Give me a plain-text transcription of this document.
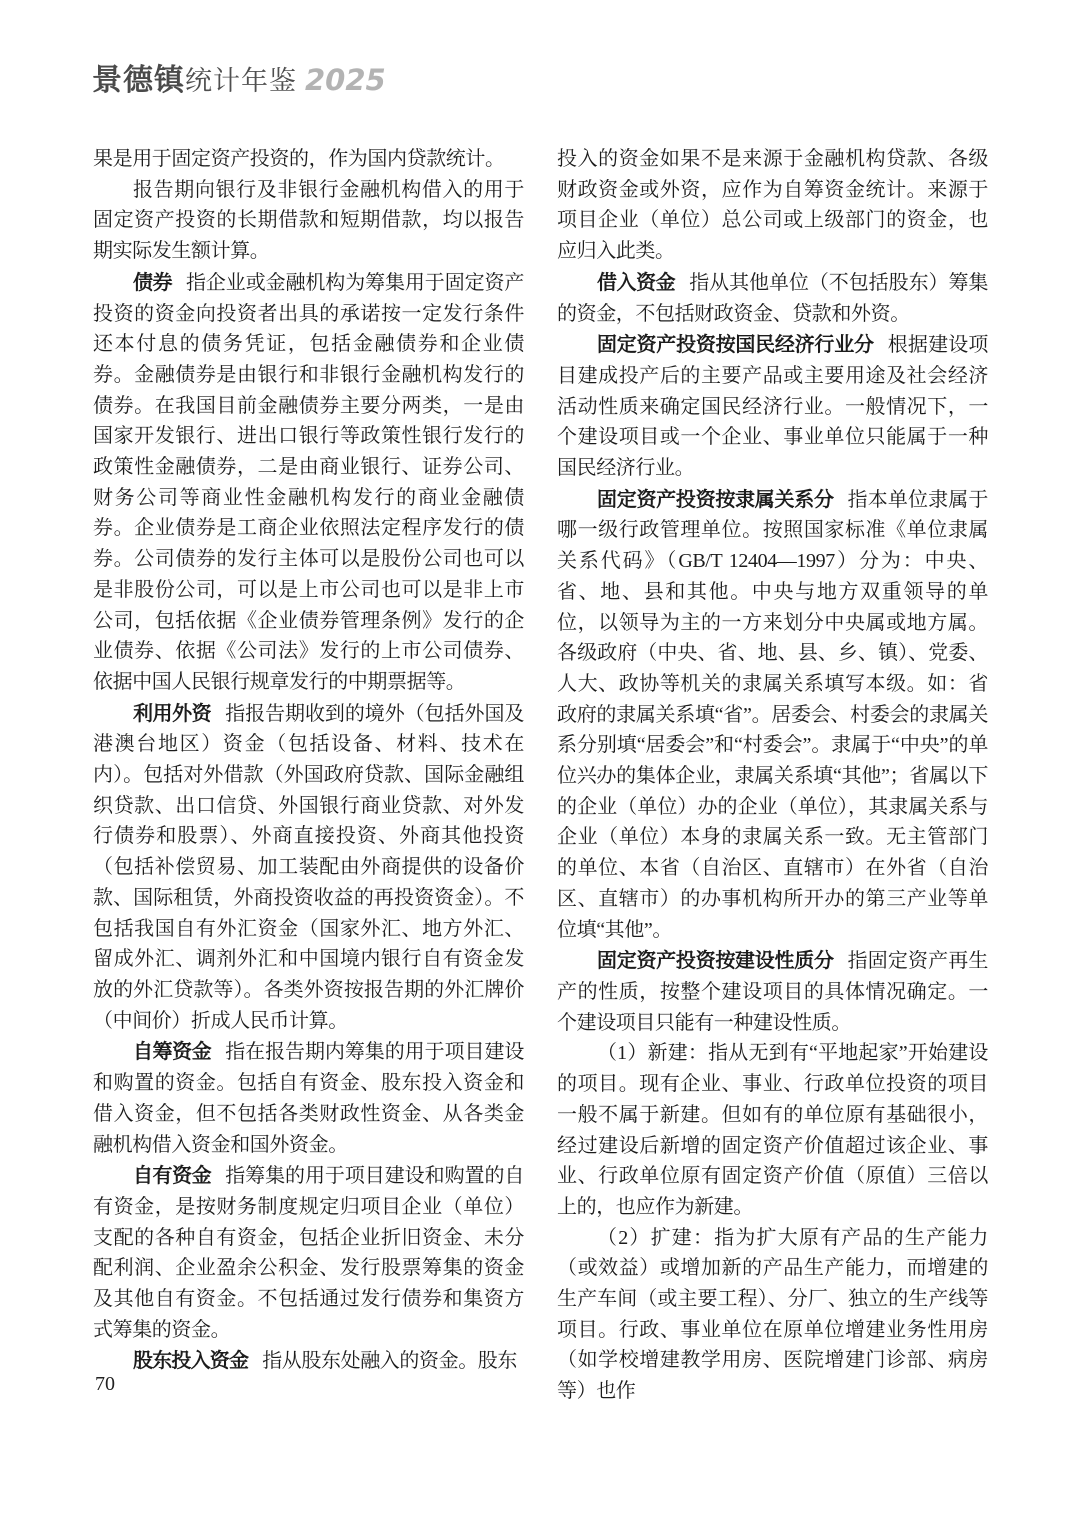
景德镇统计年鉴 2025

果是用于固定资产投资的，作为国内贷款统计。

报告期向银行及非银行金融机构借入的用于固定资产投资的长期借款和短期借款，均以报告期实际发生额计算。

债券 指企业或金融机构为筹集用于固定资产投资的资金向投资者出具的承诺按一定发行条件还本付息的债务凭证，包括金融债券和企业债券。金融债券是由银行和非银行金融机构发行的债券。在我国目前金融债券主要分两类，一是由国家开发银行、进出口银行等政策性银行发行的政策性金融债券，二是由商业银行、证券公司、财务公司等商业性金融机构发行的商业金融债券。企业债券是工商企业依照法定程序发行的债券。公司债券的发行主体可以是股份公司也可以是非股份公司，可以是上市公司也可以是非上市公司，包括依据《企业债券管理条例》发行的企业债券、依据《公司法》发行的上市公司债券、依据中国人民银行规章发行的中期票据等。

利用外资 指报告期收到的境外（包括外国及港澳台地区）资金（包括设备、材料、技术在内）。包括对外借款（外国政府贷款、国际金融组织贷款、出口信贷、外国银行商业贷款、对外发行债券和股票）、外商直接投资、外商其他投资（包括补偿贸易、加工装配由外商提供的设备价款、国际租赁，外商投资收益的再投资资金）。不包括我国自有外汇资金（国家外汇、地方外汇、留成外汇、调剂外汇和中国境内银行自有资金发放的外汇贷款等）。各类外资按报告期的外汇牌价（中间价）折成人民币计算。

自筹资金 指在报告期内筹集的用于项目建设和购置的资金。包括自有资金、股东投入资金和借入资金，但不包括各类财政性资金、从各类金融机构借入资金和国外资金。

自有资金 指筹集的用于项目建设和购置的自有资金，是按财务制度规定归项目企业（单位）支配的各种自有资金，包括企业折旧资金、未分配利润、企业盈余公积金、发行股票筹集的资金及其他自有资金。不包括通过发行债券和集资方式筹集的资金。

股东投入资金 指从股东处融入的资金。股东

投入的资金如果不是来源于金融机构贷款、各级财政资金或外资，应作为自筹资金统计。来源于项目企业（单位）总公司或上级部门的资金，也应归入此类。

借入资金 指从其他单位（不包括股东）筹集的资金，不包括财政资金、贷款和外资。

固定资产投资按国民经济行业分 根据建设项目建成投产后的主要产品或主要用途及社会经济活动性质来确定国民经济行业。一般情况下，一个建设项目或一个企业、事业单位只能属于一种国民经济行业。

固定资产投资按隶属关系分 指本单位隶属于哪一级行政管理单位。按照国家标准《单位隶属关系代码》（GB/T 12404—1997）分为：中央、省、地、县和其他。中央与地方双重领导的单位，以领导为主的一方来划分中央属或地方属。各级政府（中央、省、地、县、乡、镇）、党委、人大、政协等机关的隶属关系填写本级。如：省政府的隶属关系填“省”。居委会、村委会的隶属关系分别填“居委会”和“村委会”。隶属于“中央”的单位兴办的集体企业，隶属关系填“其他”；省属以下的企业（单位）办的企业（单位），其隶属关系与企业（单位）本身的隶属关系一致。无主管部门的单位、本省（自治区、直辖市）在外省（自治区、直辖市）的办事机构所开办的第三产业等单位填“其他”。

固定资产投资按建设性质分 指固定资产再生产的性质，按整个建设项目的具体情况确定。一个建设项目只能有一种建设性质。

（1）新建：指从无到有“平地起家”开始建设的项目。现有企业、事业、行政单位投资的项目一般不属于新建。但如有的单位原有基础很小，经过建设后新增的固定资产价值超过该企业、事业、行政单位原有固定资产价值（原值）三倍以上的，也应作为新建。

（2）扩建：指为扩大原有产品的生产能力（或效益）或增加新的产品生产能力，而增建的生产车间（或主要工程）、分厂、独立的生产线等项目。行政、事业单位在原单位增建业务性用房（如学校增建教学用房、医院增建门诊部、病房等）也作

70
